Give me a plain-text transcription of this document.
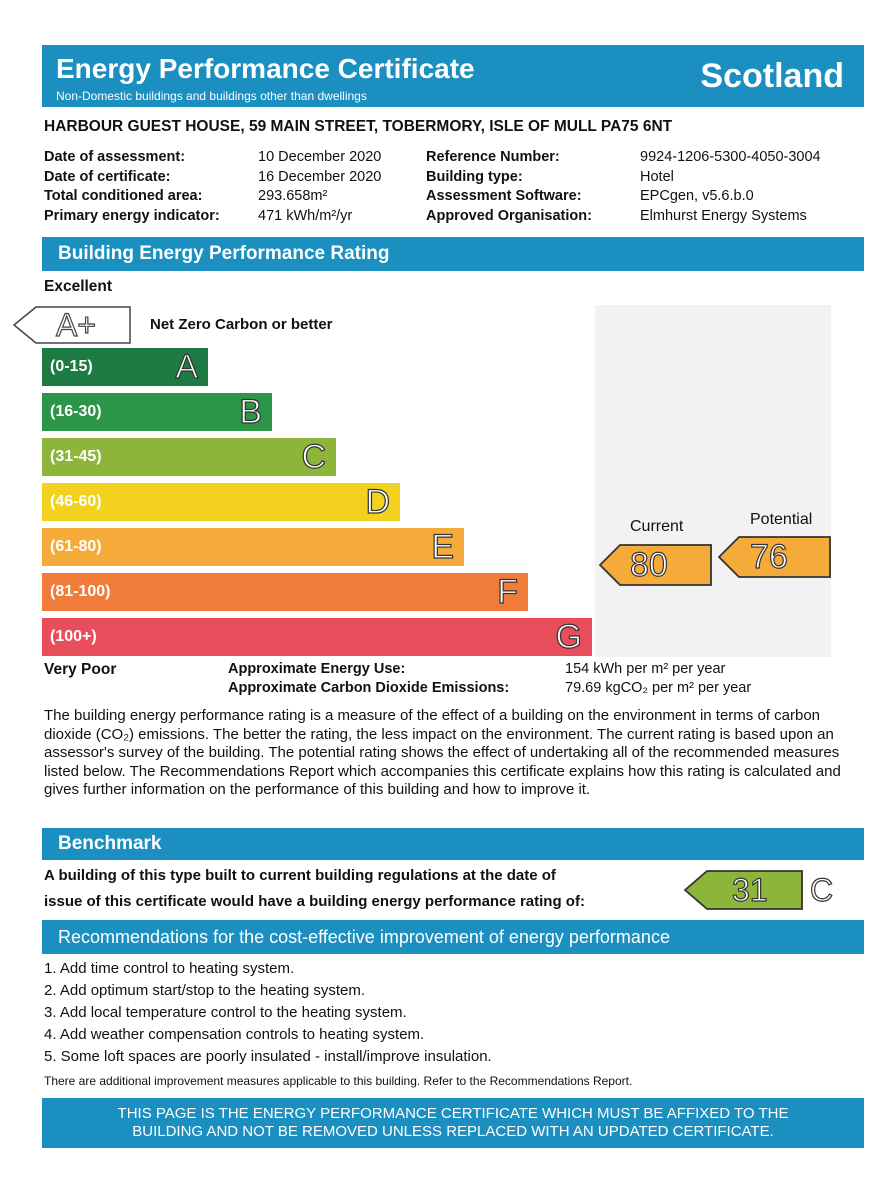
Energy Performance Certificate
Non-Domestic buildings and buildings other than dwellings
Scotland
HARBOUR GUEST HOUSE, 59 MAIN STREET, TOBERMORY, ISLE OF MULL PA75 6NT
Date of assessment:	10 December 2020
Date of certificate:	16 December 2020
Total conditioned area:	293.658m²
Primary energy indicator:	471 kWh/m²/yr
Reference Number:	9924-1206-5300-4050-3004
Building type:	Hotel
Assessment Software:	EPCgen, v5.6.b.0
Approved Organisation:	Elmhurst Energy Systems
Building Energy Performance Rating
Excellent
A+	Net Zero Carbon or better
(0-15) A
(16-30)	B
(31-45)	C
(46-60)	D
(61-80)	E
(81-100)	F
(100+)	G
Current
80
Potential
76
Very Poor	Approximate Energy Use:	154 kWh per m² per year
Approximate Carbon Dioxide Emissions:	79.69 kgCO₂ per m² per year
The building energy performance rating is a measure of the effect of a building on the environment in terms of carbon dioxide (CO₂) emissions. The better the rating, the less impact on the environment. The current rating is based upon an assessor's survey of the building. The potential rating shows the effect of undertaking all of the recommended measures listed below. The Recommendations Report which accompanies this certificate explains how this rating is calculated and gives further information on the performance of this building and how to improve it.
Benchmark
A building of this type built to current building regulations at the date of
issue of this certificate would have a building energy performance rating of:	31 C
Recommendations for the cost-effective improvement of energy performance
1. Add time control to heating system.
2. Add optimum start/stop to the heating system.
3. Add local temperature control to the heating system.
4. Add weather compensation controls to heating system.
5. Some loft spaces are poorly insulated - install/improve insulation.
There are additional improvement measures applicable to this building. Refer to the Recommendations Report.
THIS PAGE IS THE ENERGY PERFORMANCE CERTIFICATE WHICH MUST BE AFFIXED TO THE
BUILDING AND NOT BE REMOVED UNLESS REPLACED WITH AN UPDATED CERTIFICATE.
